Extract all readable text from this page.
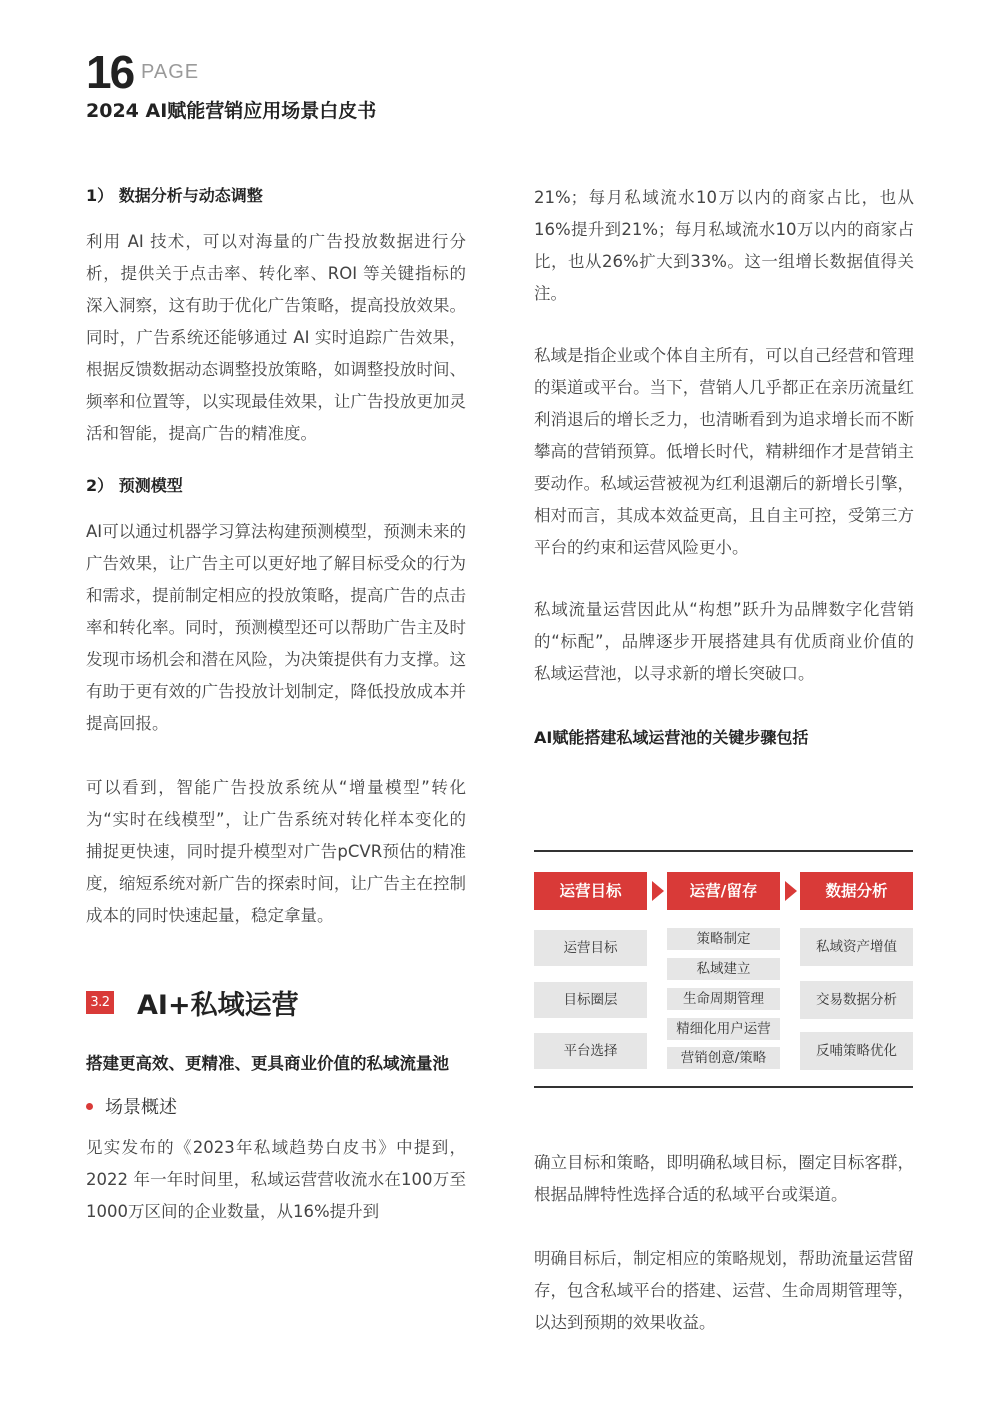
16 PAGE
2024 AI赋能营销应用场景白皮书
1） 数据分析与动态调整
利用 AI 技术，可以对海量的广告投放数据进行分析，提供关于点击率、转化率、ROI 等关键指标的深入洞察，这有助于优化广告策略，提高投放效果。同时，广告系统还能够通过 AI 实时追踪广告效果，根据反馈数据动态调整投放策略，如调整投放时间、频率和位置等，以实现最佳效果，让广告投放更加灵活和智能，提高广告的精准度。
2） 预测模型
AI可以通过机器学习算法构建预测模型，预测未来的广告效果，让广告主可以更好地了解目标受众的行为和需求，提前制定相应的投放策略，提高广告的点击率和转化率。同时，预测模型还可以帮助广告主及时发现市场机会和潜在风险，为决策提供有力支撑。这有助于更有效的广告投放计划制定，降低投放成本并提高回报。
可以看到，智能广告投放系统从“增量模型”转化为“实时在线模型”，让广告系统对转化样本变化的捕捉更快速，同时提升模型对广告pCVR预估的精准度，缩短系统对新广告的探索时间，让广告主在控制成本的同时快速起量，稳定拿量。
3.2 AI+私域运营
搭建更高效、更精准、更具商业价值的私域流量池
场景概述
见实发布的《2023年私域趋势白皮书》中提到，2022 年一年时间里，私域运营营收流水在100万至1000万区间的企业数量，从16%提升到
21%；每月私域流水10万以内的商家占比，也从16%提升到21%；每月私域流水10万以内的商家占比，也从26%扩大到33%。这一组增长数据值得关注。
私域是指企业或个体自主所有，可以自己经营和管理的渠道或平台。当下，营销人几乎都正在亲历流量红利消退后的增长乏力，也清晰看到为追求增长而不断攀高的营销预算。低增长时代，精耕细作才是营销主要动作。私域运营被视为红利退潮后的新增长引擎，相对而言，其成本效益更高，且自主可控，受第三方平台的约束和运营风险更小。
私域流量运营因此从“构想”跃升为品牌数字化营销的“标配”，品牌逐步开展搭建具有优质商业价值的私域运营池，以寻求新的增长突破口。
AI赋能搭建私域运营池的关键步骤包括
运营目标	运营/留存	数据分析
运营目标
目标圈层
平台选择
策略制定
私域建立
生命周期管理
精细化用户运营
营销创意/策略
私域资产增值
交易数据分析
反哺策略优化
确立目标和策略，即明确私域目标，圈定目标客群，根据品牌特性选择合适的私域平台或渠道。
明确目标后，制定相应的策略规划，帮助流量运营留存，包含私域平台的搭建、运营、生命周期管理等，以达到预期的效果收益。
